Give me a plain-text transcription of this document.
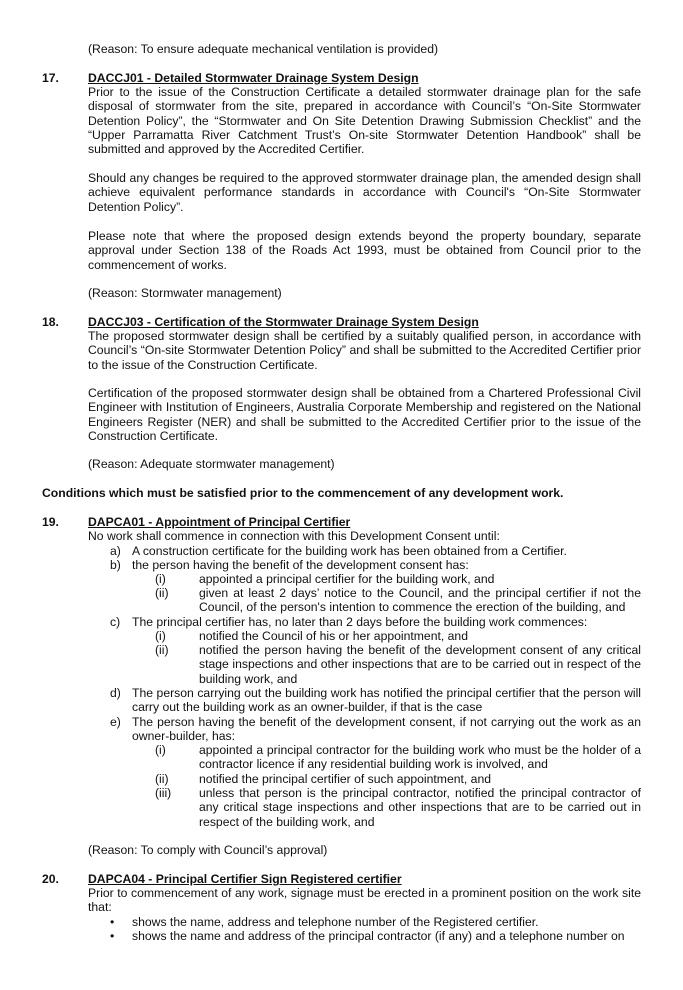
(Reason: To ensure adequate mechanical ventilation is provided)
17. DACCJ01 - Detailed Stormwater Drainage System Design
Prior to the issue of the Construction Certificate a detailed stormwater drainage plan for the safe disposal of stormwater from the site, prepared in accordance with Council’s “On-Site Stormwater Detention Policy”, the “Stormwater and On Site Detention Drawing Submission Checklist” and the “Upper Parramatta River Catchment Trust’s On-site Stormwater Detention Handbook” shall be submitted and approved by the Accredited Certifier.
Should any changes be required to the approved stormwater drainage plan, the amended design shall achieve equivalent performance standards in accordance with Council's “On-Site Stormwater Detention Policy”.
Please note that where the proposed design extends beyond the property boundary, separate approval under Section 138 of the Roads Act 1993, must be obtained from Council prior to the commencement of works.
(Reason: Stormwater management)
18. DACCJ03 - Certification of the Stormwater Drainage System Design
The proposed stormwater design shall be certified by a suitably qualified person, in accordance with Council’s “On-site Stormwater Detention Policy” and shall be submitted to the Accredited Certifier prior to the issue of the Construction Certificate.
Certification of the proposed stormwater design shall be obtained from a Chartered Professional Civil Engineer with Institution of Engineers, Australia Corporate Membership and registered on the National Engineers Register (NER) and shall be submitted to the Accredited Certifier prior to the issue of the Construction Certificate.
(Reason: Adequate stormwater management)
Conditions which must be satisfied prior to the commencement of any development work.
19. DAPCA01 - Appointment of Principal Certifier
No work shall commence in connection with this Development Consent until:
a) A construction certificate for the building work has been obtained from a Certifier.
b) the person having the benefit of the development consent has:
(i)	appointed a principal certifier for the building work, and
(ii) given at least 2 days’ notice to the Council, and the principal certifier if not the Council, of the person's intention to commence the erection of the building, and
c) The principal certifier has, no later than 2 days before the building work commences:
(i)	notified the Council of his or her appointment, and
(ii) notified the person having the benefit of the development consent of any critical stage inspections and other inspections that are to be carried out in respect of the building work, and
d) The person carrying out the building work has notified the principal certifier that the person will carry out the building work as an owner-builder, if that is the case
e) The person having the benefit of the development consent, if not carrying out the work as an owner-builder, has:
(i)	appointed a principal contractor for the building work who must be the holder of a contractor licence if any residential building work is involved, and
(ii) notified the principal certifier of such appointment, and
(iii) unless that person is the principal contractor, notified the principal contractor of any critical stage inspections and other inspections that are to be carried out in respect of the building work, and
(Reason: To comply with Council’s approval)
20. DAPCA04 - Principal Certifier Sign Registered certifier
Prior to commencement of any work, signage must be erected in a prominent position on the work site that:
• shows the name, address and telephone number of the Registered certifier.
• shows the name and address of the principal contractor (if any) and a telephone number on
